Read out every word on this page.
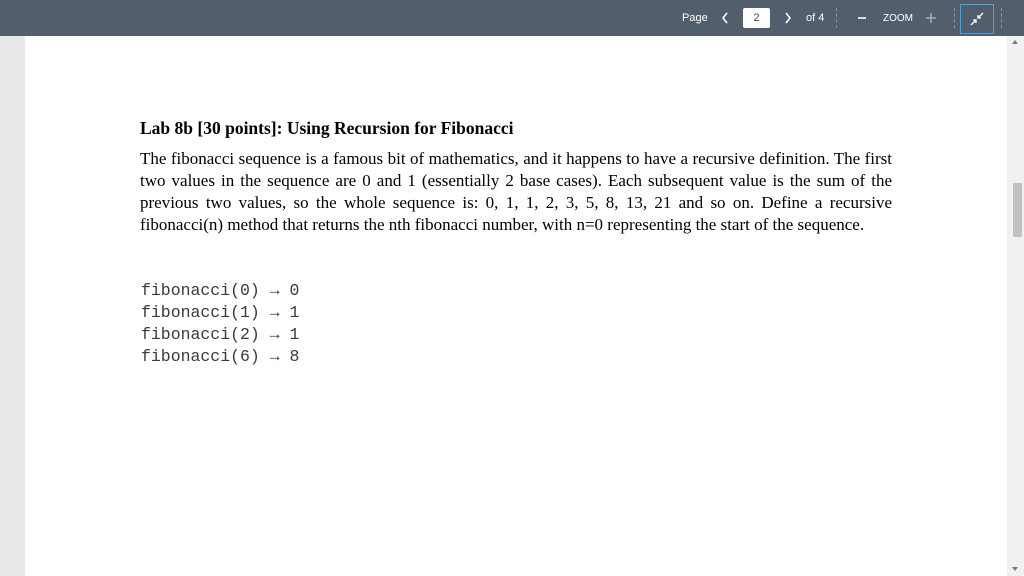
Page
2	of 4	ZOOM
Lab 8b [30 points]: Using Recursion for Fibonacci

The fibonacci sequence is a famous bit of mathematics, and it happens to have a recursive definition. The first two values in the sequence are 0 and 1 (essentially 2 base cases). Each subsequent value is the sum of the previous two values, so the whole sequence is: 0, 1, 1, 2, 3, 5, 8, 13, 21 and so on. Define a recursive fibonacci(n) method that returns the nth fibonacci number, with n=0 representing the start of the sequence.

fibonacci(0) → 0
fibonacci(1) → 1
fibonacci(2) → 1
fibonacci(6) → 8
